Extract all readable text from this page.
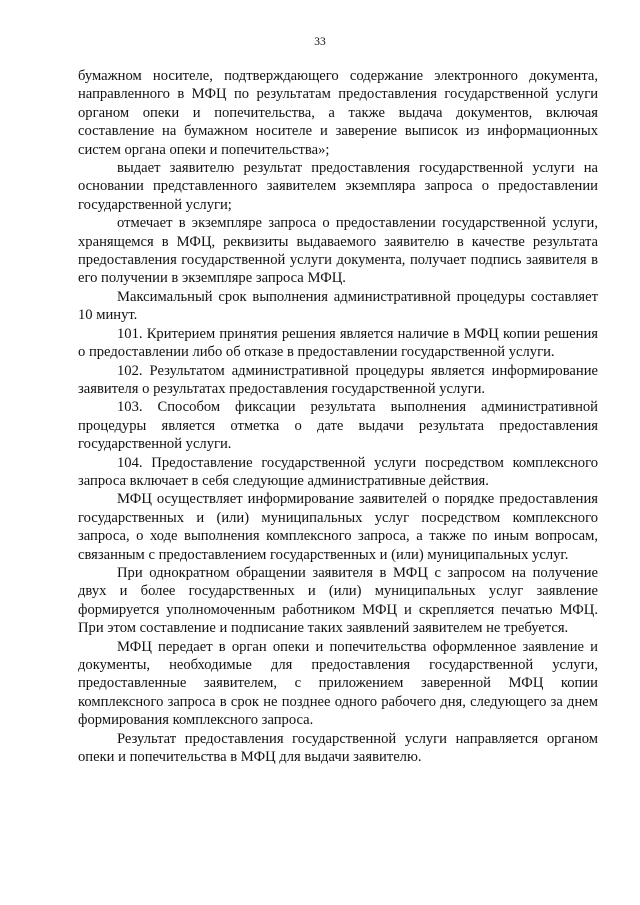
33

бумажном носителе, подтверждающего содержание электронного документа, направленного в МФЦ по результатам предоставления государственной услуги органом опеки и попечительства, а также выдача документов, включая составление на бумажном носителе и заверение выписок из информационных систем органа опеки и попечительства»;

выдает заявителю результат предоставления государственной услуги на основании представленного заявителем экземпляра запроса о предоставлении государственной услуги;

отмечает в экземпляре запроса о предоставлении государственной услуги, хранящемся в МФЦ, реквизиты выдаваемого заявителю в качестве результата предоставления государственной услуги документа, получает подпись заявителя в его получении в экземпляре запроса МФЦ.

Максимальный срок выполнения административной процедуры составляет 10 минут.

101. Критерием принятия решения является наличие в МФЦ копии решения о предоставлении либо об отказе в предоставлении государственной услуги.

102. Результатом административной процедуры является информирование заявителя о результатах предоставления государственной услуги.

103. Способом фиксации результата выполнения административной процедуры является отметка о дате выдачи результата предоставления государственной услуги.

104. Предоставление государственной услуги посредством комплексного запроса включает в себя следующие административные действия.

МФЦ осуществляет информирование заявителей о порядке предоставления государственных и (или) муниципальных услуг посредством комплексного запроса, о ходе выполнения комплексного запроса, а также по иным вопросам, связанным с предоставлением государственных и (или) муниципальных услуг.

При однократном обращении заявителя в МФЦ с запросом на получение двух и более государственных и (или) муниципальных услуг заявление формируется уполномоченным работником МФЦ и скрепляется печатью МФЦ. При этом составление и подписание таких заявлений заявителем не требуется.

МФЦ передает в орган опеки и попечительства оформленное заявление и документы, необходимые для предоставления государственной услуги, предоставленные заявителем, с приложением заверенной МФЦ копии комплексного запроса в срок не позднее одного рабочего дня, следующего за днем формирования комплексного запроса.

Результат предоставления государственной услуги направляется органом опеки и попечительства в МФЦ для выдачи заявителю.
